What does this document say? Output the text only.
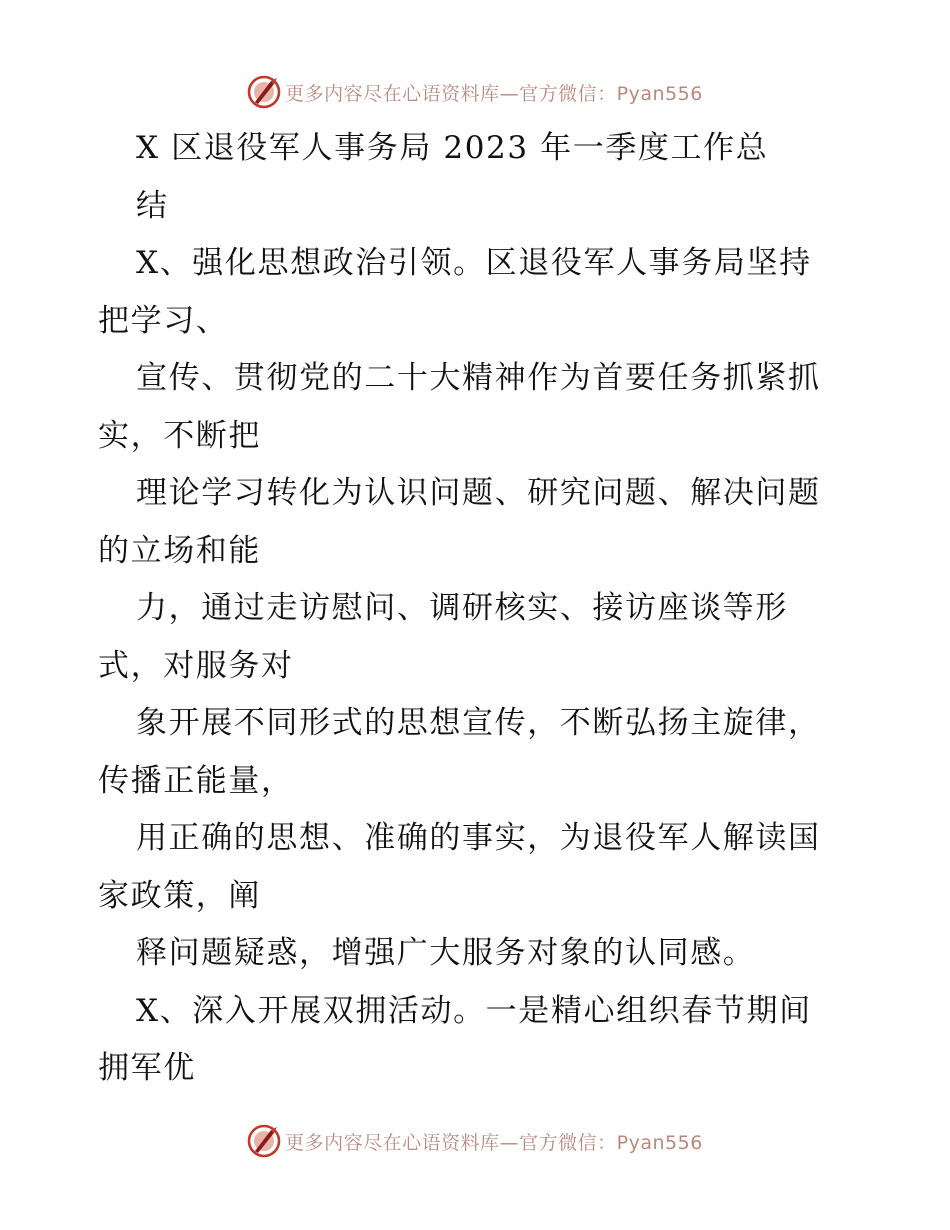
更多内容尽在心语资料库—官方微信：Pyan556
X 区退役军人事务局 2023 年一季度工作总
结
X、强化思想政治引领。区退役军人事务局坚持
把学习、
宣传、贯彻党的二十大精神作为首要任务抓紧抓
实，不断把
理论学习转化为认识问题、研究问题、解决问题
的立场和能
力，通过走访慰问、调研核实、接访座谈等形
式，对服务对
象开展不同形式的思想宣传，不断弘扬主旋律，
传播正能量，
用正确的思想、准确的事实，为退役军人解读国
家政策，阐
释问题疑惑，增强广大服务对象的认同感。
X、深入开展双拥活动。一是精心组织春节期间
拥军优
更多内容尽在心语资料库—官方微信：Pyan556
